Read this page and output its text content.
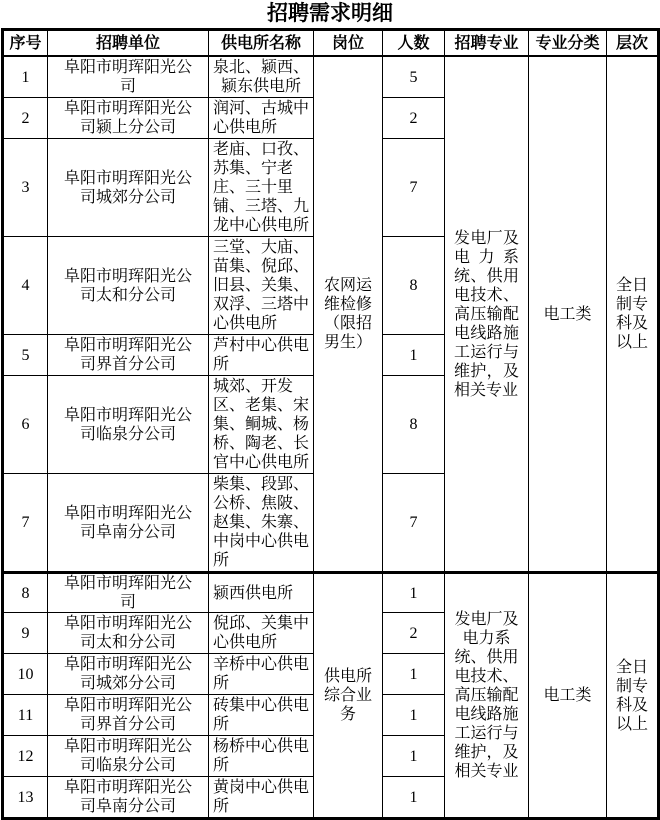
招聘需求明细
序号	招聘单位	供电所名称	岗位	人数	招聘专业	专业分类	层次
1	阜阳市明珲阳光公司	泉北、颍西、颍东供电所	农网运维检修（限招男生）	5	发电厂及电力系统、供用电技术、高压输配电线路施工运行与维护，及相关专业	电工类	全日制专科及以上
2	阜阳市明珲阳光公司颍上分公司	润河、古城中心供电所		2			
3	阜阳市明珲阳光公司城郊分公司	老庙、口孜、苏集、宁老庄、三十里铺、三塔、九龙中心供电所		7			
4	阜阳市明珲阳光公司太和分公司	三堂、大庙、苗集、倪邱、旧县、关集、双浮、三塔中心供电所		8			
5	阜阳市明珲阳光公司界首分公司	芦村中心供电所		1			
6	阜阳市明珲阳光公司临泉分公司	城郊、开发区、老集、宋集、鲖城、杨桥、陶老、长官中心供电所		8			
7	阜阳市明珲阳光公司阜南分公司	柴集、段郢、公桥、焦陂、赵集、朱寨、中岗中心供电所		7			
8	阜阳市明珲阳光公司	颍西供电所	供电所综合业务	1	发电厂及电力系统、供用电技术、高压输配电线路施工运行与维护，及相关专业	电工类	全日制专科及以上
9	阜阳市明珲阳光公司太和分公司	倪邱、关集中心供电所		2			
10	阜阳市明珲阳光公司城郊分公司	辛桥中心供电所		1			
11	阜阳市明珲阳光公司界首分公司	砖集中心供电所		1			
12	阜阳市明珲阳光公司临泉分公司	杨桥中心供电所		1			
13	阜阳市明珲阳光公司阜南分公司	黄岗中心供电所		1			
